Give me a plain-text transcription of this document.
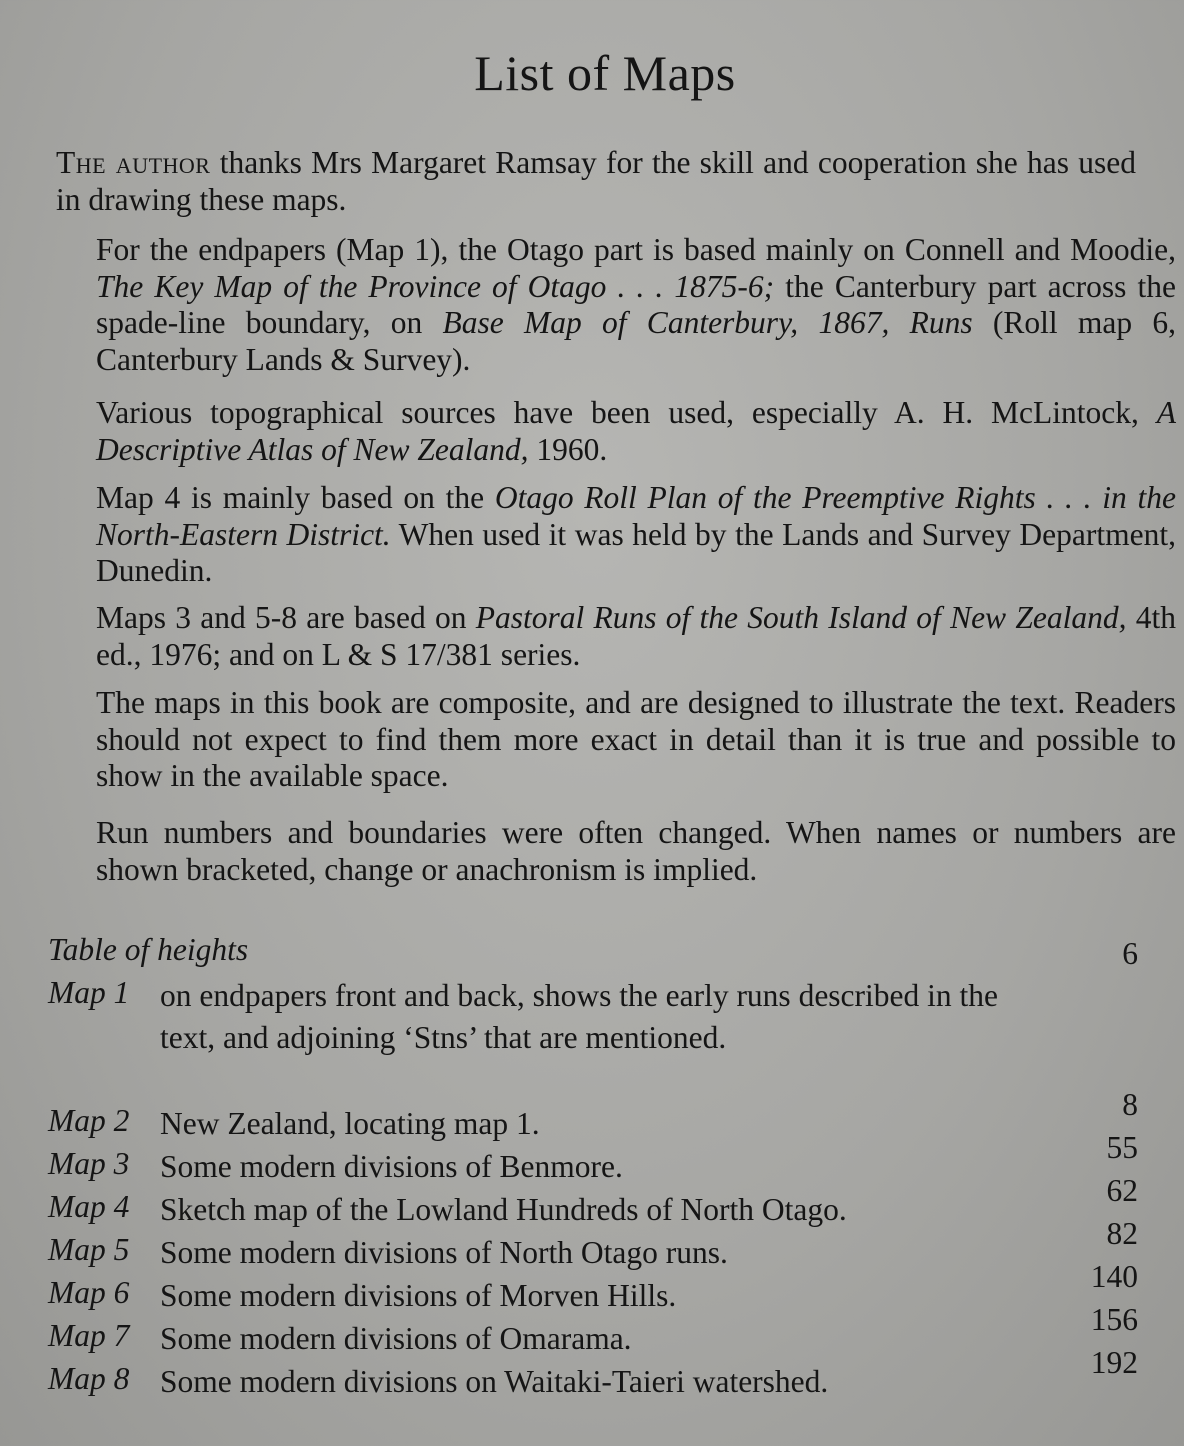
List of Maps

The author thanks Mrs Margaret Ramsay for the skill and cooperation she has used in drawing these maps.

For the endpapers (Map 1), the Otago part is based mainly on Connell and Moodie, The Key Map of the Province of Otago . . . 1875-6; the Canterbury part across the spade-line boundary, on Base Map of Canterbury, 1867, Runs (Roll map 6, Canterbury Lands & Survey).

Various topographical sources have been used, especially A. H. McLintock, A Descriptive Atlas of New Zealand, 1960.

Map 4 is mainly based on the Otago Roll Plan of the Preemptive Rights . . . in the North-Eastern District. When used it was held by the Lands and Survey Department, Dunedin.

Maps 3 and 5-8 are based on Pastoral Runs of the South Island of New Zealand, 4th ed., 1976; and on L & S 17/381 series.

The maps in this book are composite, and are designed to illustrate the text. Readers should not expect to find them more exact in detail than it is true and possible to show in the available space.

Run numbers and boundaries were often changed. When names or numbers are shown bracketed, change or anachronism is implied.

Table of heights	6
Map 1 on endpapers front and back, shows the early runs described in the text, and adjoining ‘Stns’ that are mentioned.
Map 2 New Zealand, locating map 1.
8
Map 3 Some modern divisions of Benmore.
55
Map 4 Sketch map of the Lowland Hundreds of North Otago.
62
Map 5 Some modern divisions of North Otago runs.
82
Map 6 Some modern divisions of Morven Hills.
140
Map 7 Some modern divisions of Omarama.
156
Map 8 Some modern divisions on Waitaki-Taieri watershed.
192
